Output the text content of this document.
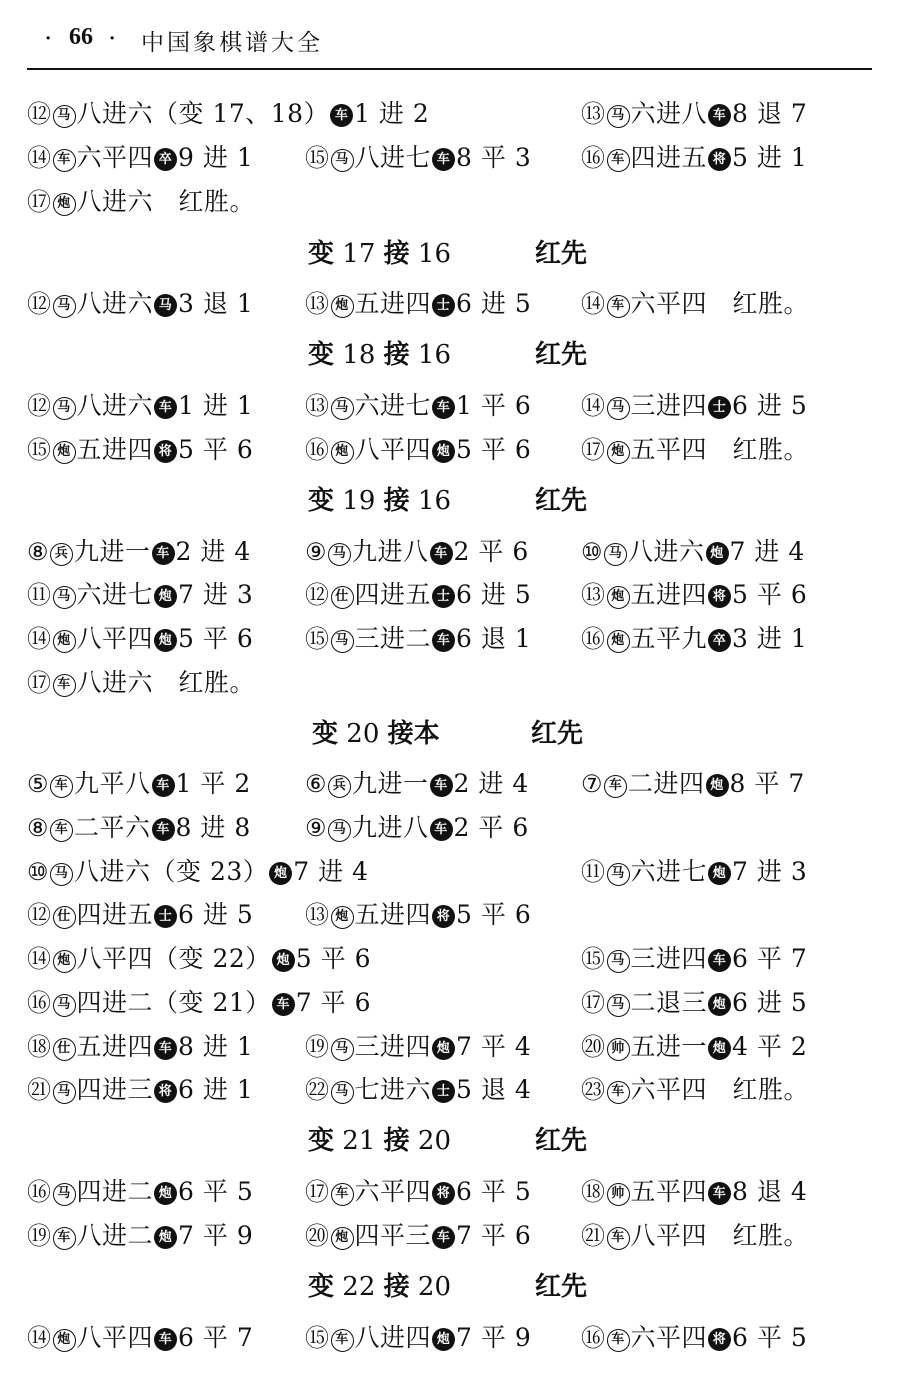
· 66 · 中国象棋谱大全
⑫ 马 八进六（变 17、18） 车 1 进 2	⑬ 马 六进八 车 8 退 7
⑭ 车 六平四 卒 9 进 1 ⑮ 马 八进七 车 8 平 3 ⑯ 车 四进五 将 5 进 1
⑰ 炮 八进六　红胜。
变 17 接 16	红先
⑫ 马 八进六 马 3 退 1 ⑬ 炮 五进四 士 6 进 5 ⑭ 车 六平四　红胜。
变 18 接 16	红先
⑫ 马 八进六 车 1 进 1 ⑬ 马 六进七 车 1 平 6 ⑭ 马 三进四 士 6 进 5
⑮ 炮 五进四 将 5 平 6 ⑯ 炮 八平四 炮 5 平 6 ⑰ 炮 五平四　红胜。
变 19 接 16	红先
⑧ 兵 九进一 车 2 进 4 ⑨ 马 九进八 车 2 平 6 ⑩ 马 八进六 炮 7 进 4
⑪ 马 六进七 炮 7 进 3 ⑫ 仕 四进五 士 6 进 5 ⑬ 炮 五进四 将 5 平 6
⑭ 炮 八平四 炮 5 平 6 ⑮ 马 三进二 车 6 退 1 ⑯ 炮 五平九 卒 3 进 1
⑰ 车 八进六　红胜。
变 20 接本	红先
⑤ 车 九平八 车 1 平 2 ⑥ 兵 九进一 车 2 进 4 ⑦ 车 二进四 炮 8 平 7
⑧ 车 二平六 车 8 进 8 ⑨ 马 九进八 车 2 平 6
⑩ 马 八进六（变 23） 炮 7 进 4	⑪ 马 六进七 炮 7 进 3
⑫ 仕 四进五 士 6 进 5 ⑬ 炮 五进四 将 5 平 6
⑭ 炮 八平四（变 22） 炮 5 平 6	⑮ 马 三进四 车 6 平 7
⑯ 马 四进二（变 21） 车 7 平 6	⑰ 马 二退三 炮 6 进 5
⑱ 仕 五进四 车 8 进 1 ⑲ 马 三进四 炮 7 平 4 ⑳ 帅 五进一 炮 4 平 2
㉑ 马 四进三 将 6 进 1 ㉒ 马 七进六 士 5 退 4 ㉓ 车 六平四　红胜。
变 21 接 20	红先
⑯ 马 四进二 炮 6 平 5 ⑰ 车 六平四 将 6 平 5 ⑱ 帅 五平四 车 8 退 4
⑲ 车 八进二 炮 7 平 9 ⑳ 炮 四平三 车 7 平 6 ㉑ 车 八平四　红胜。
变 22 接 20	红先
⑭ 炮 八平四 车 6 平 7 ⑮ 车 八进四 炮 7 平 9 ⑯ 车 六平四 将 6 平 5
